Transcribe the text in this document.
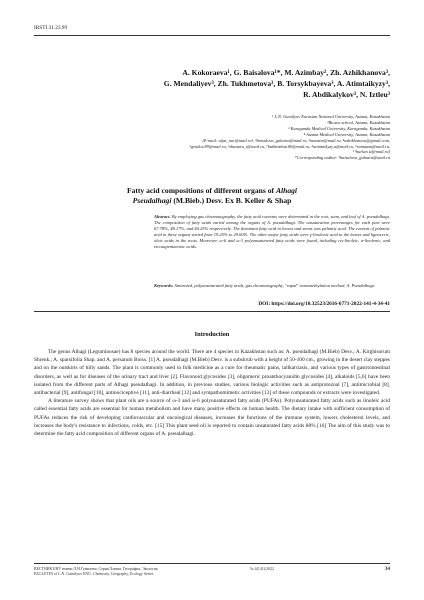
IRSTI 31.23.99
A. Kokoraeva¹, G. Baisalova¹*, M. Azimbay², Zh. Azhikhanova³,
G. Mendaliyev³, Zh. Tukhmetova³, B. Torsykbayeva³, A. Atimtaikyzy³,
R. Abdikalykov³, N. Iztleu³
¹ L.N. Gumilyov Eurasian National University, Astana, Kazakhstan
²Biosen school, Astana, Kazakhstan
³ Karaganda Medical University, Karaganda, Kazakhstan
⁴ Astana Medical University, Astana, Kazakhstan
(E-mail: aijat_nur@mail.ru¹, ²baisalova_gulnara@mail.ru, ³manzim@mail.ru, ⁴azhikhanova@gmail.com,
⁵gendos.89@mail.ru, ⁶zhanara_t@mail.ru, ⁷bakhitzhan.86@mail.ru, ⁸atimtaikyzy.a@mail.ru, ⁹ramazan@mail.ru,
¹⁰nurlan.iz@mail.ru)
*Corresponding author: ¹baisalova_gulnara@mail.ru
Fatty acid compositions of different organs of Alhagi
Pseudalhagi (M.Bieb.) Desv. Ex B. Keller & Shap
Abstract. By employing gas chromatography, the fatty acid contents were determined in the root, stem, and leaf of A. pseudalhagi. The composition of fatty acids varied among the organs of A. pseudalhagi. The unsaturation percentages for each part were 67.78%, 48.17%, and 44.25% respectively. The dominant fatty acid in leaves and stems was palmitic acid. The content of palmitic acid in these organs varied from 19.25% to 29.60%. The other major fatty acids were γ-linolenic acid in the leaves and lignoceric, oleic acids in the roots. Moreover, ω-6 and ω-3 polyunsaturated fatty acids were found, including cis-linoleic, α-linolenic, and eicosapentaenoic acids.
Keywords: Saturated, polyunsaturated fatty acids, gas chromatography, "rapid" transmethylation method, A. Pseudalhagi.
DOI: https://doi.org/10.32523/2616-6771-2022-141-4-34-41
Introduction

The genus Alhagi (Leguminosae) has 8 species around the world. There are 4 species in Kazakhstan such as: A. pseudalhagi (M.Bieb) Desv.; A. Kirghisorum Shrenk.; A. sparsifolia Shap. and A. persarum Boiss. [1] A. pseudalhagi (M.Bieb) Desv. is a subshrub with a height of 50-100 cm., growing in the desert clay steppes and on the outskirts of hilly sands. The plant is commonly used in folk medicine as a cure for rheumatic pains, tallkarriasis, and various types of gastrointestinal disorders, as well as for diseases of the urinary tract and liver [2]. Flavonoid glycosides [3], oligomeric proanthocyanidin glycosides [4], alkaloids [5,6] have been isolated from the different parts of Alhagi pseudalhagi. In addition, in previous studies, various biologic activities such as antiprotozoal [7], antimicrobial [8], antibacterial [9], antifungal [10], antinociceptive [11], anti-diarrheal [12] and sympathomimetic activities [13] of these compounds or extracts were investigated.

A literature survey shows that plant oils are a source of ω-3 and ω-6 polyunsaturated fatty acids (PUFAs). Polyunsaturated fatty acids such as linoleic acid called essential fatty acids are essential for human metabolism and have many positive effects on human health. The dietary intake with sufficient consumption of PUFAs reduces the risk of developing cardiovascular and oncological diseases, increases the functions of the immune system, lowers cholesterol levels, and increases the body's resistance to infections, colds, etc. [15] This plant seed oil is reported to contain unsaturated fatty acids 88% [16] The aim of this study was to determine the fatty acid composition of different organs of A. pseudalhagi.

ВЕСТНИК ЕНУ имени Л.Н.Гумилева. Серия Химия. География. Экология
BULLETIN of L.N. Gumilyov ENU. Chemistry, Geography, Ecology Series
№ 4(141)/2022	34
